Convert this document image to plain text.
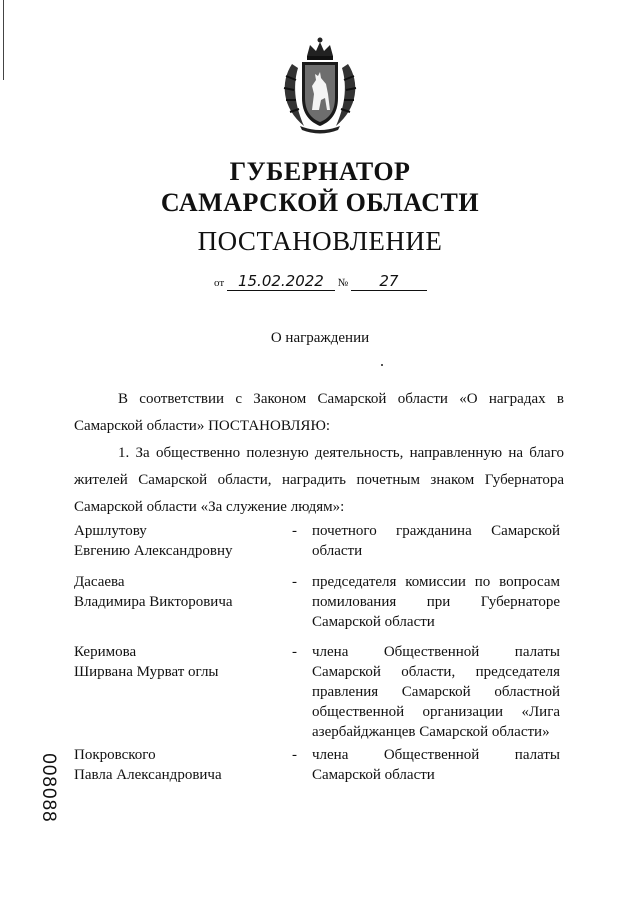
ГУБЕРНАТОР
САМАРСКОЙ ОБЛАСТИ
ПОСТАНОВЛЕНИЕ
от 15.02.2022 № 27
О награждении
В соответствии с Законом Самарской области «О наградах в Самарской области» ПОСТАНОВЛЯЮ:
1. За общественно полезную деятельность, направленную на благо жителей Самарской области, наградить почетным знаком Губернатора Самарской области «За служение людям»:
Аршлутову
Евгению Александровну
- почетного гражданина Самарской области
Дасаева
Владимира Викторовича
- председателя комиссии по вопросам помилования при Губернаторе Самарской области
Керимова
Ширвана Мурват оглы
- члена Общественной палаты Самарской области, председателя правления Самарской областной общественной организации «Лига азербайджанцев Самарской области»
Покровского
Павла Александровича
- члена Общественной палаты Самарской области
008088
